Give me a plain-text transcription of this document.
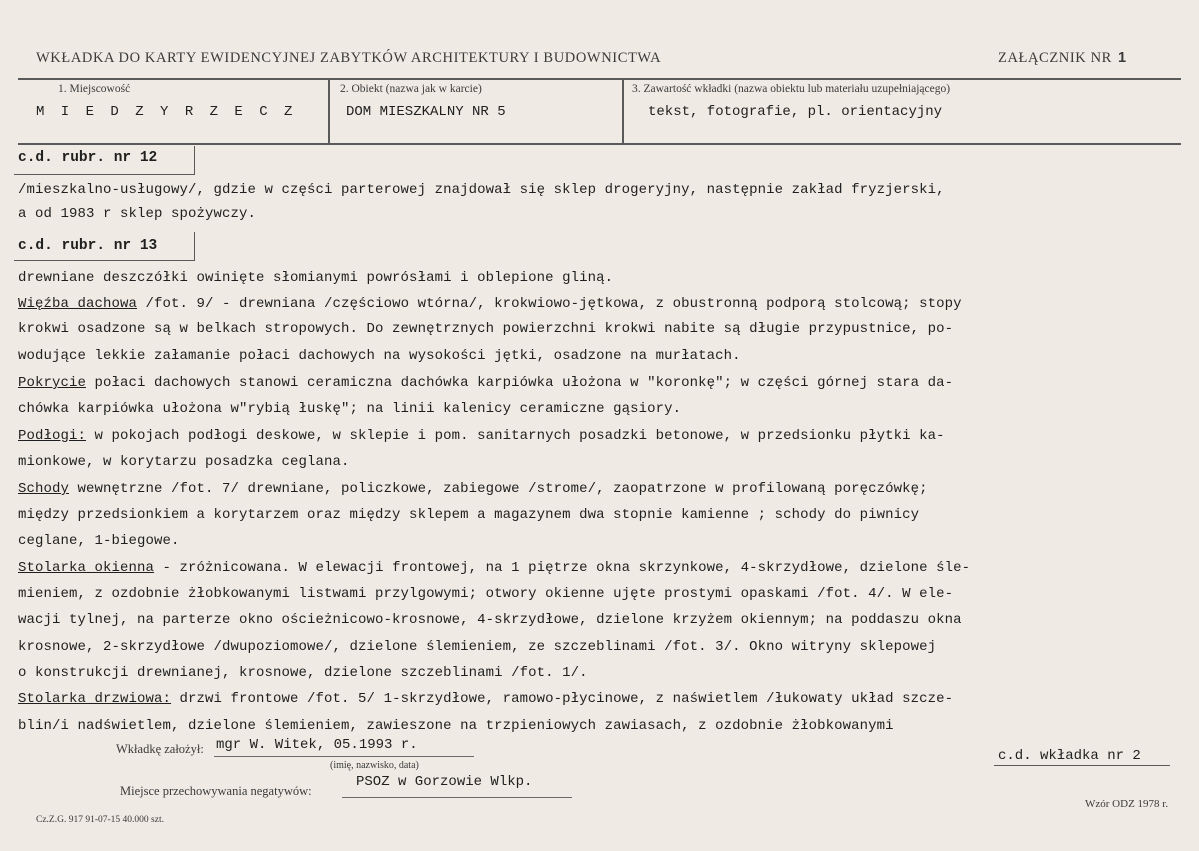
WKŁADKA DO KARTY EWIDENCYJNEJ ZABYTKÓW ARCHITEKTURY I BUDOWNICTWA	ZAŁĄCZNIK NR 1
1. Miejscowość
M I E D Z Y R Z E C Z
2. Obiekt (nazwa jak w karcie)
DOM MIESZKALNY NR 5
3. Zawartość wkładki (nazwa obiektu lub materiału uzupełniającego)
tekst, fotografie, pl. orientacyjny
c.d. rubr. nr 12
/mieszkalno-usługowy/, gdzie w części parterowej znajdował się sklep drogeryjny, następnie zakład fryzjerski,
a od 1983 r sklep spożywczy.
c.d. rubr. nr 13
drewniane deszczółki owinięte słomianymi powrósłami i oblepione gliną.
Więźba dachowa /fot. 9/ - drewniana /częściowo wtórna/, krokwiowo-jętkowa, z obustronną podporą stolcową; stopy
krokwi osadzone są w belkach stropowych. Do zewnętrznych powierzchni krokwi nabite są długie przypustnice, po-
wodujące lekkie załamanie połaci dachowych na wysokości jętki, osadzone na murłatach.
Pokrycie połaci dachowych stanowi ceramiczna dachówka karpiówka ułożona w "koronkę"; w części górnej stara da-
chówka karpiówka ułożona w"rybią łuskę"; na linii kalenicy ceramiczne gąsiory.
Podłogi: w pokojach podłogi deskowe, w sklepie i pom. sanitarnych posadzki betonowe, w przedsionku płytki ka-
mionkowe, w korytarzu posadzka ceglana.
Schody wewnętrzne /fot. 7/ drewniane, policzkowe, zabiegowe /strome/, zaopatrzone w profilowaną poręczówkę;
między przedsionkiem a korytarzem oraz między sklepem a magazynem dwa stopnie kamienne ; schody do piwnicy
ceglane, 1-biegowe.
Stolarka okienna - zróżnicowana. W elewacji frontowej, na 1 piętrze okna skrzynkowe, 4-skrzydłowe, dzielone śle-
mieniem, z ozdobnie żłobkowanymi listwami przylgowymi; otwory okienne ujęte prostymi opaskami /fot. 4/. W ele-
wacji tylnej, na parterze okno ościeżnicowo-krosnowe, 4-skrzydłowe, dzielone krzyżem okiennym; na poddaszu okna
krosnowe, 2-skrzydłowe /dwupoziomowe/, dzielone ślemieniem, ze szczeblinami /fot. 3/. Okno witryny sklepowej
o konstrukcji drewnianej, krosnowe, dzielone szczeblinami /fot. 1/.
Stolarka drzwiowa: drzwi frontowe /fot. 5/ 1-skrzydłowe, ramowo-płycinowe, z naświetlem /łukowaty układ szcze-
blin/i nadświetlem, dzielone ślemieniem, zawieszone na trzpieniowych zawiasach, z ozdobnie żłobkowanymi
Wkładkę założył: mgr W. Witek, 05.1993 r.
(imię, nazwisko, data)
Miejsce przechowywania negatywów:
PSOZ w Gorzowie Wlkp.
c.d. wkładka nr 2
Cz.Z.G. 917 91-07-15 40.000 szt.
Wzór ODZ 1978 r.
